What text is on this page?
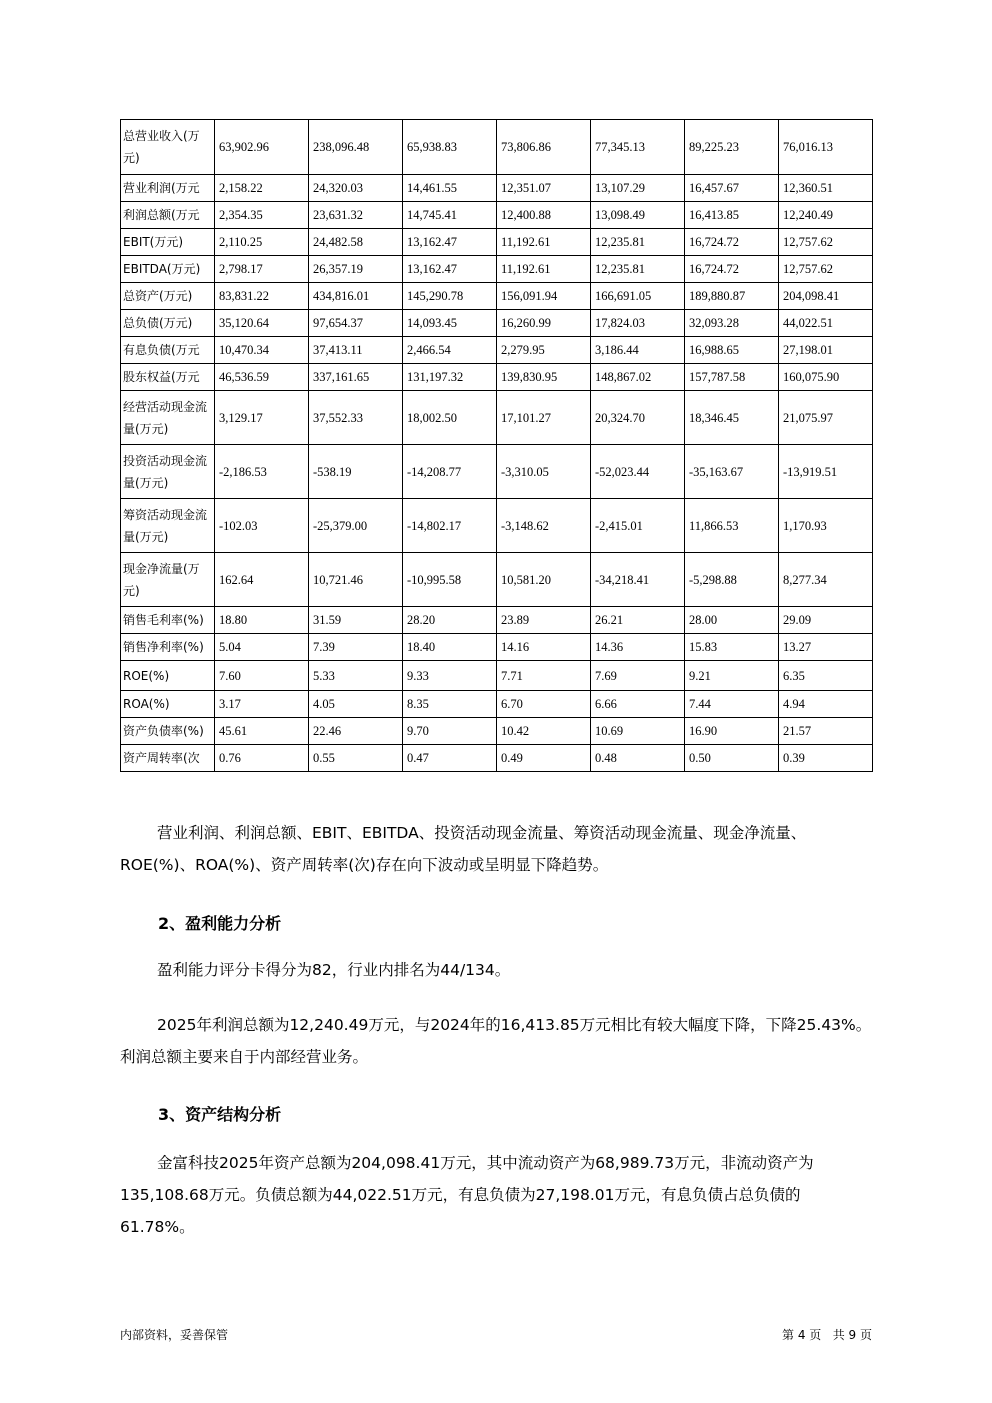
总营业收入(万元)	63,902.96	238,096.48	65,938.83	73,806.86	77,345.13	89,225.23	76,016.13
营业利润(万元	2,158.22	24,320.03	14,461.55	12,351.07	13,107.29	16,457.67	12,360.51
利润总额(万元	2,354.35	23,631.32	14,745.41	12,400.88	13,098.49	16,413.85	12,240.49
EBIT(万元)	2,110.25	24,482.58	13,162.47	11,192.61	12,235.81	16,724.72	12,757.62
EBITDA(万元)	2,798.17	26,357.19	13,162.47	11,192.61	12,235.81	16,724.72	12,757.62
总资产(万元)	83,831.22	434,816.01	145,290.78	156,091.94	166,691.05	189,880.87	204,098.41
总负债(万元)	35,120.64	97,654.37	14,093.45	16,260.99	17,824.03	32,093.28	44,022.51
有息负债(万元	10,470.34	37,413.11	2,466.54	2,279.95	3,186.44	16,988.65	27,198.01
股东权益(万元	46,536.59	337,161.65	131,197.32	139,830.95	148,867.02	157,787.58	160,075.90
经营活动现金流量(万元)	3,129.17	37,552.33	18,002.50	17,101.27	20,324.70	18,346.45	21,075.97
投资活动现金流量(万元)	-2,186.53	-538.19	-14,208.77	-3,310.05	-52,023.44	-35,163.67	-13,919.51
筹资活动现金流量(万元)	-102.03	-25,379.00	-14,802.17	-3,148.62	-2,415.01	11,866.53	1,170.93
现金净流量(万元)	162.64	10,721.46	-10,995.58	10,581.20	-34,218.41	-5,298.88	8,277.34
销售毛利率(%)	18.80	31.59	28.20	23.89	26.21	28.00	29.09
销售净利率(%)	5.04	7.39	18.40	14.16	14.36	15.83	13.27
ROE(%)	7.60	5.33	9.33	7.71	7.69	9.21	6.35
ROA(%)	3.17	4.05	8.35	6.70	6.66	7.44	4.94
资产负债率(%)	45.61	22.46	9.70	10.42	10.69	16.90	21.57
资产周转率(次	0.76	0.55	0.47	0.49	0.48	0.50	0.39
营业利润、利润总额、EBIT、EBITDA、投资活动现金流量、筹资活动现金流量、现金净流量、ROE(%)、ROA(%)、资产周转率(次)存在向下波动或呈明显下降趋势。
2、盈利能力分析
盈利能力评分卡得分为82，行业内排名为44/134。
2025年利润总额为12,240.49万元，与2024年的16,413.85万元相比有较大幅度下降，下降25.43%。利润总额主要来自于内部经营业务。
3、资产结构分析
金富科技2025年资产总额为204,098.41万元，其中流动资产为68,989.73万元，非流动资产为135,108.68万元。负债总额为44,022.51万元，有息负债为27,198.01万元，有息负债占总负债的61.78%。
内部资料，妥善保管	第 4 页   共 9 页
